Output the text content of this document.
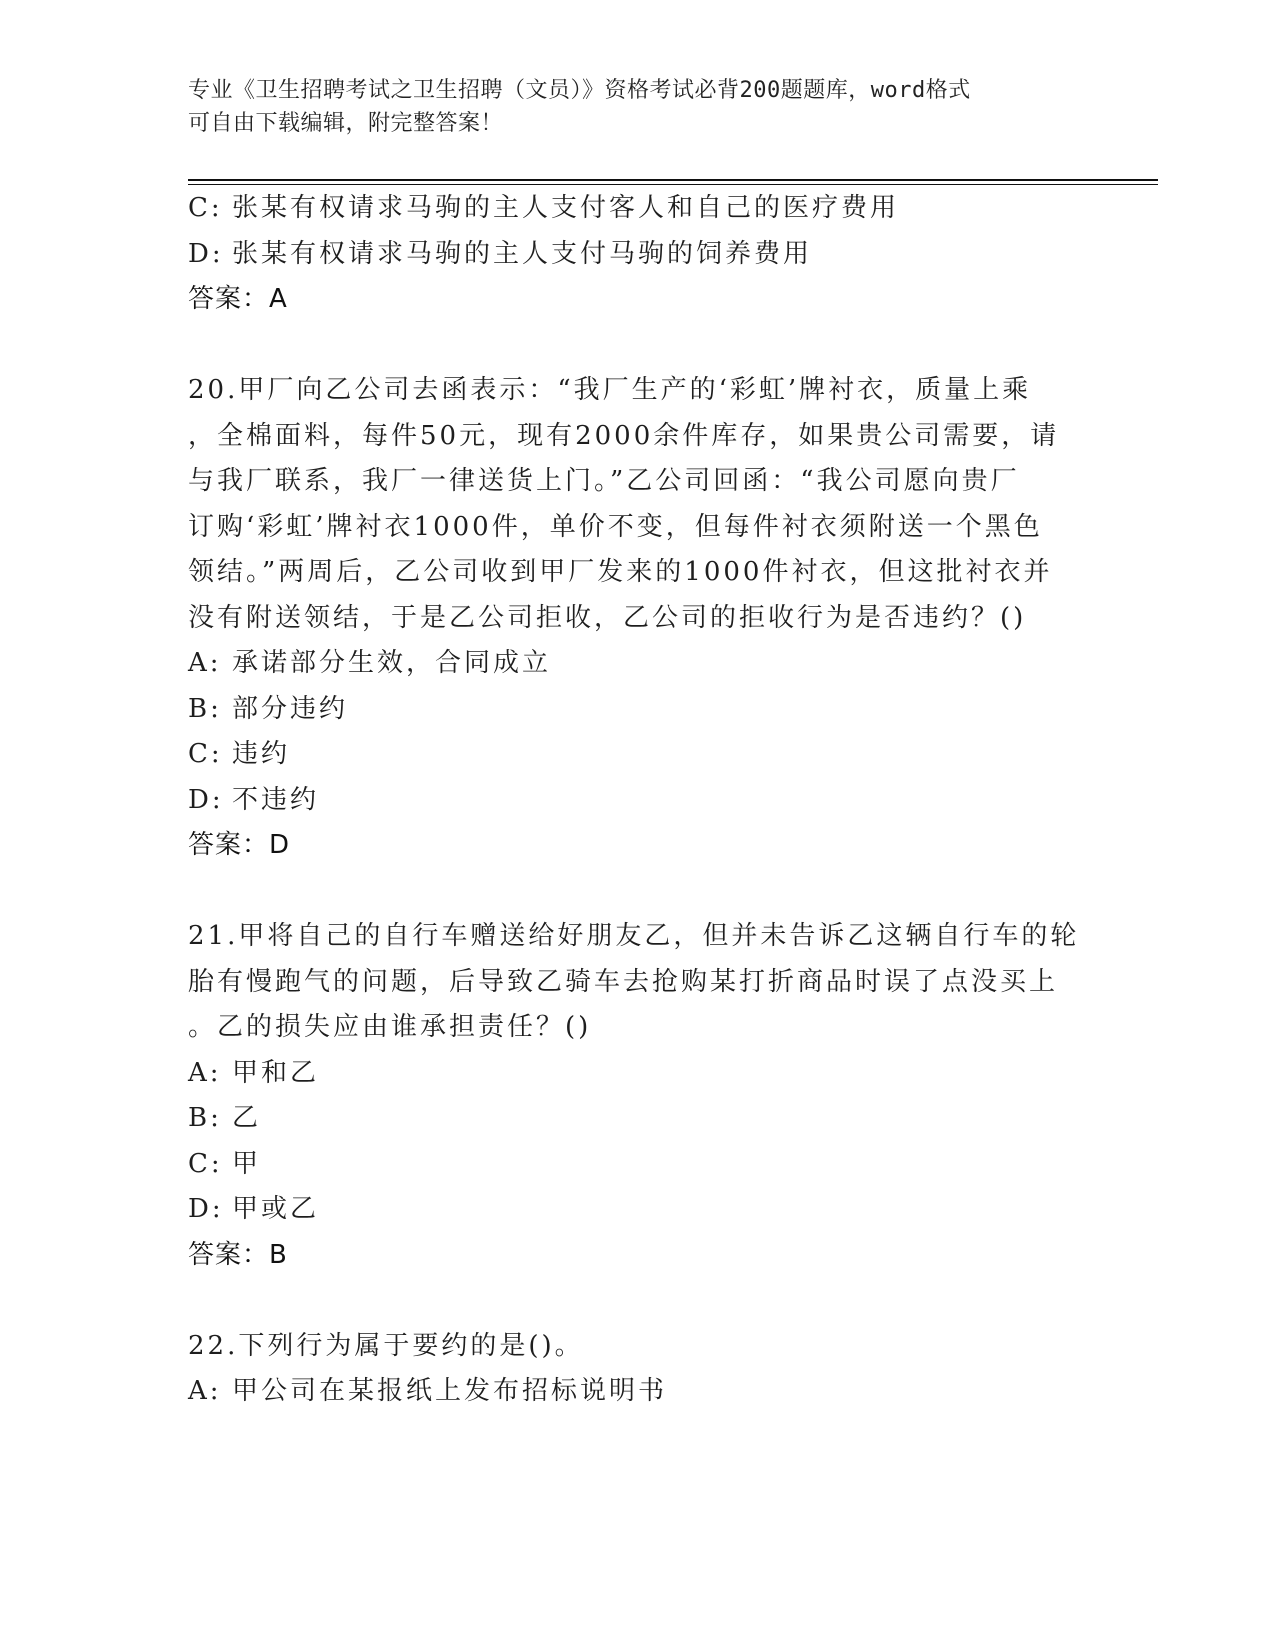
专业《卫生招聘考试之卫生招聘（文员）》资格考试必背200题题库，word格式
可自由下载编辑，附完整答案！
C: 张某有权请求马驹的主人支付客人和自己的医疗费用
D: 张某有权请求马驹的主人支付马驹的饲养费用
答案：A
20.甲厂向乙公司去函表示：“我厂生产的‘彩虹’牌衬衣，质量上乘
，全棉面料，每件50元，现有2000余件库存，如果贵公司需要，请
与我厂联系，我厂一律送货上门。”乙公司回函：“我公司愿向贵厂
订购‘彩虹’牌衬衣1000件，单价不变，但每件衬衣须附送一个黑色
领结。”两周后，乙公司收到甲厂发来的1000件衬衣，但这批衬衣并
没有附送领结，于是乙公司拒收，乙公司的拒收行为是否违约？()
A: 承诺部分生效，合同成立
B: 部分违约
C: 违约
D: 不违约
答案：D
21.甲将自己的自行车赠送给好朋友乙，但并未告诉乙这辆自行车的轮
胎有慢跑气的问题，后导致乙骑车去抢购某打折商品时误了点没买上
。乙的损失应由谁承担责任？()
A: 甲和乙
B: 乙
C: 甲
D: 甲或乙
答案：B
22.下列行为属于要约的是()。
A: 甲公司在某报纸上发布招标说明书
